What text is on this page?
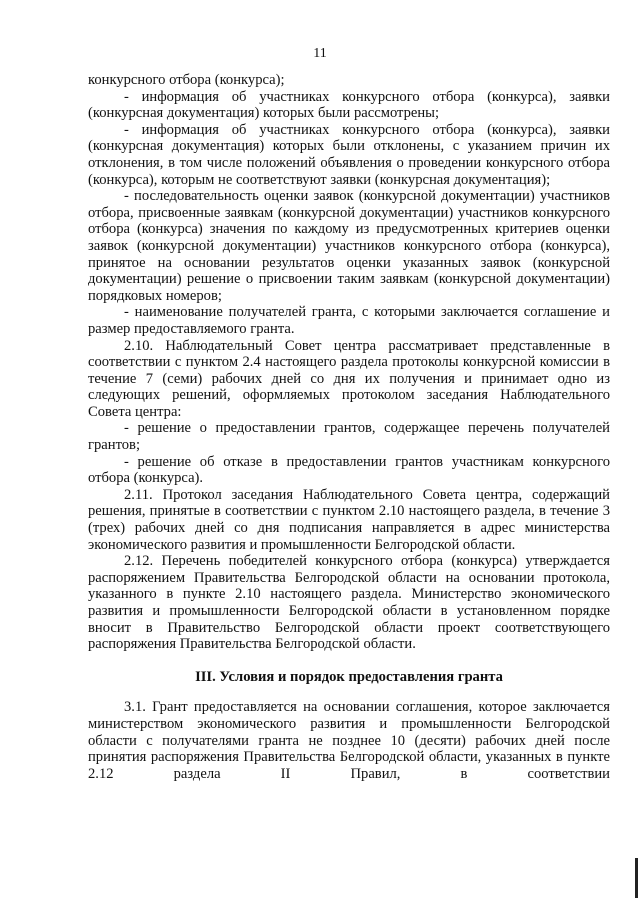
11

конкурсного отбора (конкурса);

- информация об участниках конкурсного отбора (конкурса), заявки (конкурсная документация) которых были рассмотрены;

- информация об участниках конкурсного отбора (конкурса), заявки (конкурсная документация) которых были отклонены, с указанием причин их отклонения, в том числе положений объявления о проведении конкурсного отбора (конкурса), которым не соответствуют заявки (конкурсная документация);

- последовательность оценки заявок (конкурсной документации) участников отбора, присвоенные заявкам (конкурсной документации) участников конкурсного отбора (конкурса) значения по каждому из предусмотренных критериев оценки заявок (конкурсной документации) участников конкурсного отбора (конкурса), принятое на основании результатов оценки указанных заявок (конкурсной документации) решение о присвоении таким заявкам (конкурсной документации) порядковых номеров;

- наименование получателей гранта, с которыми заключается соглашение и размер предоставляемого гранта.

2.10. Наблюдательный Совет центра рассматривает представленные в соответствии с пунктом 2.4 настоящего раздела протоколы конкурсной комиссии в течение 7 (семи) рабочих дней со дня их получения и принимает одно из следующих решений, оформляемых протоколом заседания Наблюдательного Совета центра:

- решение о предоставлении грантов, содержащее перечень получателей грантов;

- решение об отказе в предоставлении грантов участникам конкурсного отбора (конкурса).

2.11. Протокол заседания Наблюдательного Совета центра, содержащий решения, принятые в соответствии с пунктом 2.10 настоящего раздела, в течение 3 (трех) рабочих дней со дня подписания направляется в адрес министерства экономического развития и промышленности Белгородской области.

2.12. Перечень победителей конкурсного отбора (конкурса) утверждается распоряжением Правительства Белгородской области на основании протокола, указанного в пункте 2.10 настоящего раздела. Министерство экономического развития и промышленности Белгородской области в установленном порядке вносит в Правительство Белгородской области проект соответствующего распоряжения Правительства Белгородской области.

III. Условия и порядок предоставления гранта

3.1. Грант предоставляется на основании соглашения, которое заключается министерством экономического развития и промышленности Белгородской области с получателями гранта не позднее 10 (десяти) рабочих дней после принятия распоряжения Правительства Белгородской области, указанных в пункте 2.12 раздела II Правил, в соответствии
